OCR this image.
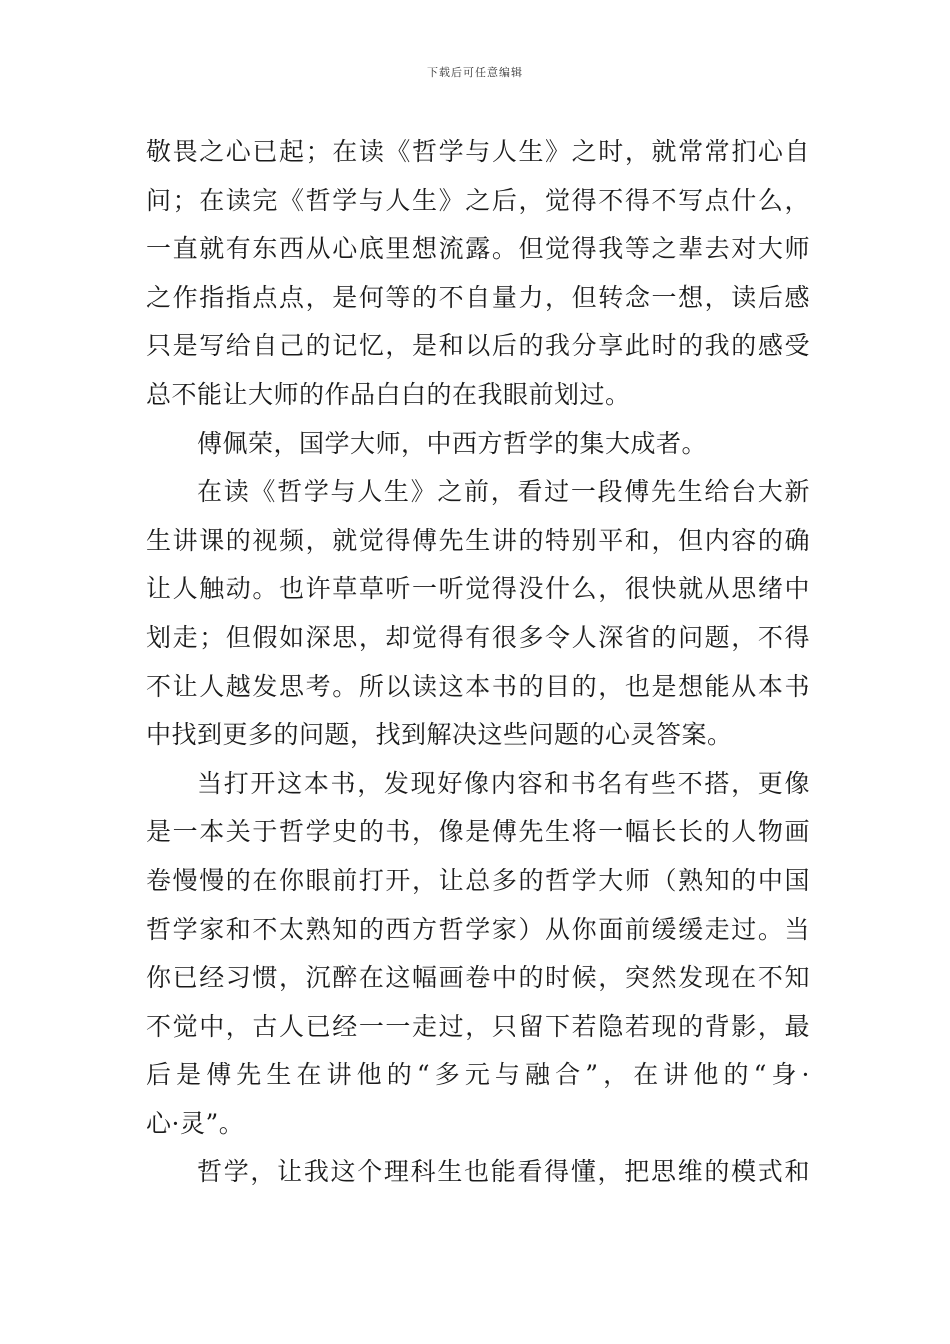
下载后可任意编辑
敬畏之心已起；在读《哲学与人生》之时，就常常扪心自
问；在读完《哲学与人生》之后，觉得不得不写点什么，
一直就有东西从心底里想流露。但觉得我等之辈去对大师
之作指指点点，是何等的不自量力，但转念一想，读后感
只是写给自己的记忆，是和以后的我分享此时的我的感受
总不能让大师的作品白白的在我眼前划过。
傅佩荣，国学大师，中西方哲学的集大成者。
在读《哲学与人生》之前，看过一段傅先生给台大新
生讲课的视频，就觉得傅先生讲的特别平和，但内容的确
让人触动。也许草草听一听觉得没什么，很快就从思绪中
划走；但假如深思，却觉得有很多令人深省的问题，不得
不让人越发思考。所以读这本书的目的，也是想能从本书
中找到更多的问题，找到解决这些问题的心灵答案。
当打开这本书，发现好像内容和书名有些不搭，更像
是一本关于哲学史的书，像是傅先生将一幅长长的人物画
卷慢慢的在你眼前打开，让总多的哲学大师（熟知的中国
哲学家和不太熟知的西方哲学家）从你面前缓缓走过。当
你已经习惯，沉醉在这幅画卷中的时候，突然发现在不知
不觉中，古人已经一一走过，只留下若隐若现的背影，最
后是傅先生在讲他的“多元与融合”，在讲他的“身·
心·灵”。
哲学，让我这个理科生也能看得懂，把思维的模式和
